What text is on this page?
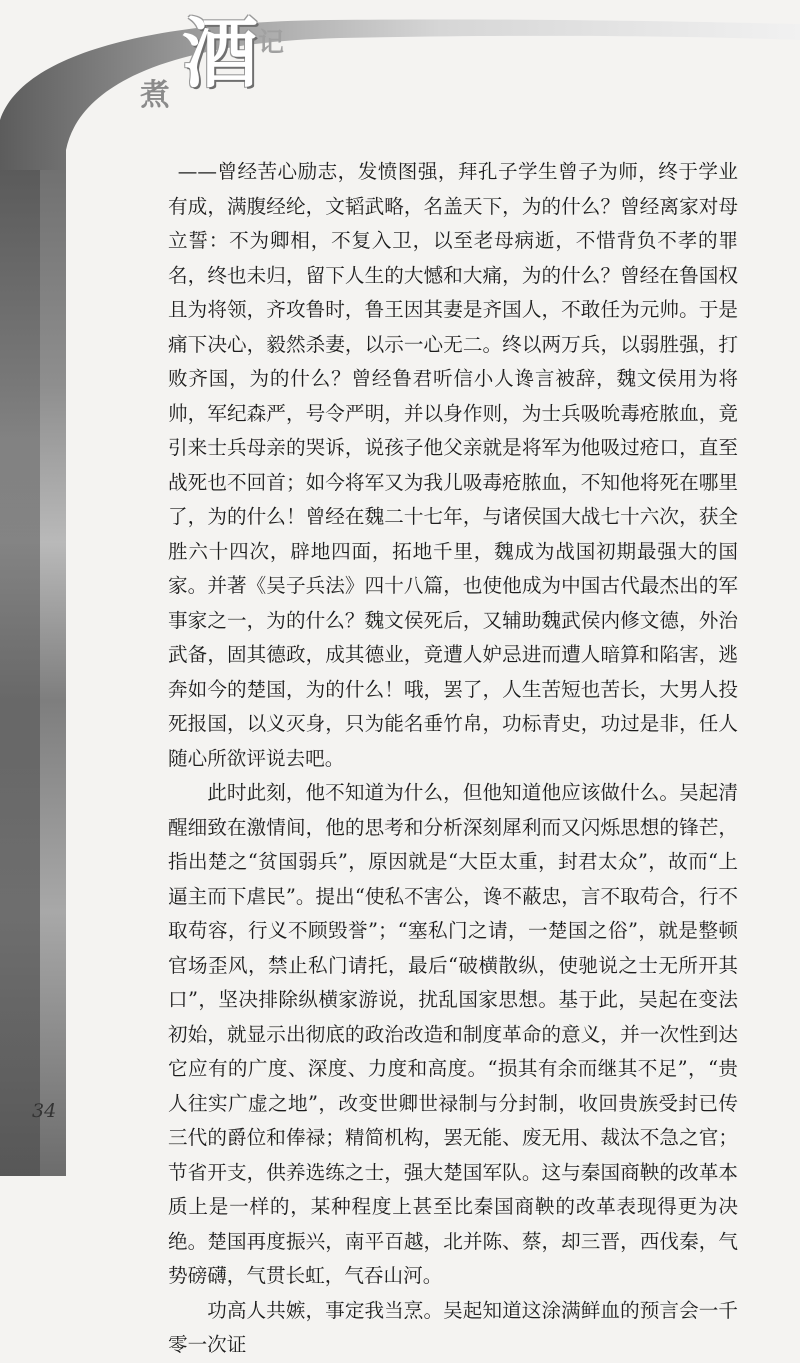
煮 酒 记

——曾经苦心励志，发愤图强，拜孔子学生曾子为师，终于学业有成，满腹经纶，文韬武略，名盖天下，为的什么？曾经离家对母立誓：不为卿相，不复入卫，以至老母病逝，不惜背负不孝的罪名，终也未归，留下人生的大憾和大痛，为的什么？曾经在鲁国权且为将领，齐攻鲁时，鲁王因其妻是齐国人，不敢任为元帅。于是痛下决心，毅然杀妻，以示一心无二。终以两万兵，以弱胜强，打败齐国，为的什么？曾经鲁君听信小人谗言被辞，魏文侯用为将帅，军纪森严，号令严明，并以身作则，为士兵吸吮毒疮脓血，竟引来士兵母亲的哭诉，说孩子他父亲就是将军为他吸过疮口，直至战死也不回首；如今将军又为我儿吸毒疮脓血，不知他将死在哪里了，为的什么！曾经在魏二十七年，与诸侯国大战七十六次，获全胜六十四次，辟地四面，拓地千里，魏成为战国初期最强大的国家。并著《吴子兵法》四十八篇，也使他成为中国古代最杰出的军事家之一，为的什么？魏文侯死后，又辅助魏武侯内修文德，外治武备，固其德政，成其德业，竟遭人妒忌进而遭人暗算和陷害，逃奔如今的楚国，为的什么！哦，罢了，人生苦短也苦长，大男人投死报国，以义灭身，只为能名垂竹帛，功标青史，功过是非，任人随心所欲评说去吧。

此时此刻，他不知道为什么，但他知道他应该做什么。吴起清醒细致在激情间，他的思考和分析深刻犀利而又闪烁思想的锋芒，指出楚之“贫国弱兵”，原因就是“大臣太重，封君太众”，故而“上逼主而下虐民”。提出“使私不害公，谗不蔽忠，言不取苟合，行不取苟容，行义不顾毁誉”；“塞私门之请，一楚国之俗”，就是整顿官场歪风，禁止私门请托，最后“破横散纵，使驰说之士无所开其口”，坚决排除纵横家游说，扰乱国家思想。基于此，吴起在变法初始，就显示出彻底的政治改造和制度革命的意义，并一次性到达它应有的广度、深度、力度和高度。“损其有余而继其不足”，“贵人往实广虚之地”，改变世卿世禄制与分封制，收回贵族受封已传三代的爵位和俸禄；精简机构，罢无能、废无用、裁汰不急之官；节省开支，供养选练之士，强大楚国军队。这与秦国商鞅的改革本质上是一样的，某种程度上甚至比秦国商鞅的改革表现得更为决绝。楚国再度振兴，南平百越，北并陈、蔡，却三晋，西伐秦，气势磅礴，气贯长虹，气吞山河。

功高人共嫉，事定我当烹。吴起知道这涂满鲜血的预言会一千零一次证

34
